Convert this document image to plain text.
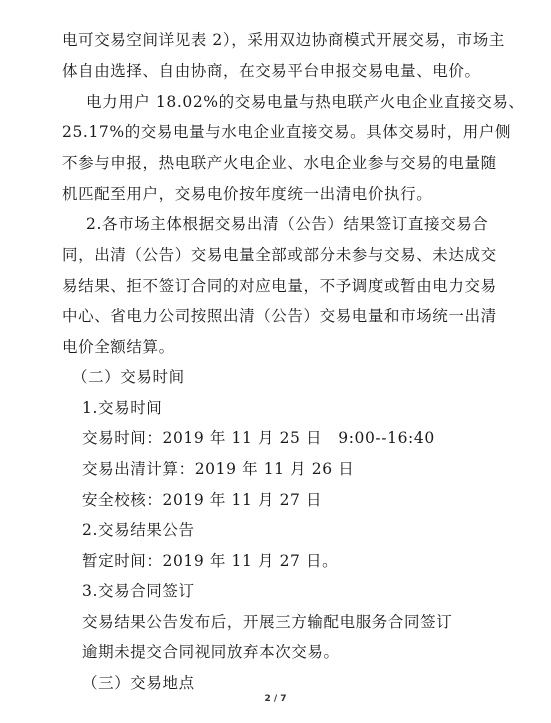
电可交易空间详见表 2），采用双边协商模式开展交易，市场主
体自由选择、自由协商，在交易平台申报交易电量、电价。
电力用户 18.02%的交易电量与热电联产火电企业直接交易、
25.17%的交易电量与水电企业直接交易。具体交易时，用户侧
不参与申报，热电联产火电企业、水电企业参与交易的电量随
机匹配至用户，交易电价按年度统一出清电价执行。
2.各市场主体根据交易出清（公告）结果签订直接交易合
同，出清（公告）交易电量全部或部分未参与交易、未达成交
易结果、拒不签订合同的对应电量，不予调度或暂由电力交易
中心、省电力公司按照出清（公告）交易电量和市场统一出清
电价全额结算。
（二）交易时间
1.交易时间
交易时间：2019 年 11 月 25 日　9:00--16:40
交易出清计算：2019 年 11 月 26 日
安全校核：2019 年 11 月 27 日
2.交易结果公告
暂定时间：2019 年 11 月 27 日。
3.交易合同签订
交易结果公告发布后，开展三方输配电服务合同签订
逾期未提交合同视同放弃本次交易。
（三）交易地点
2 / 7
